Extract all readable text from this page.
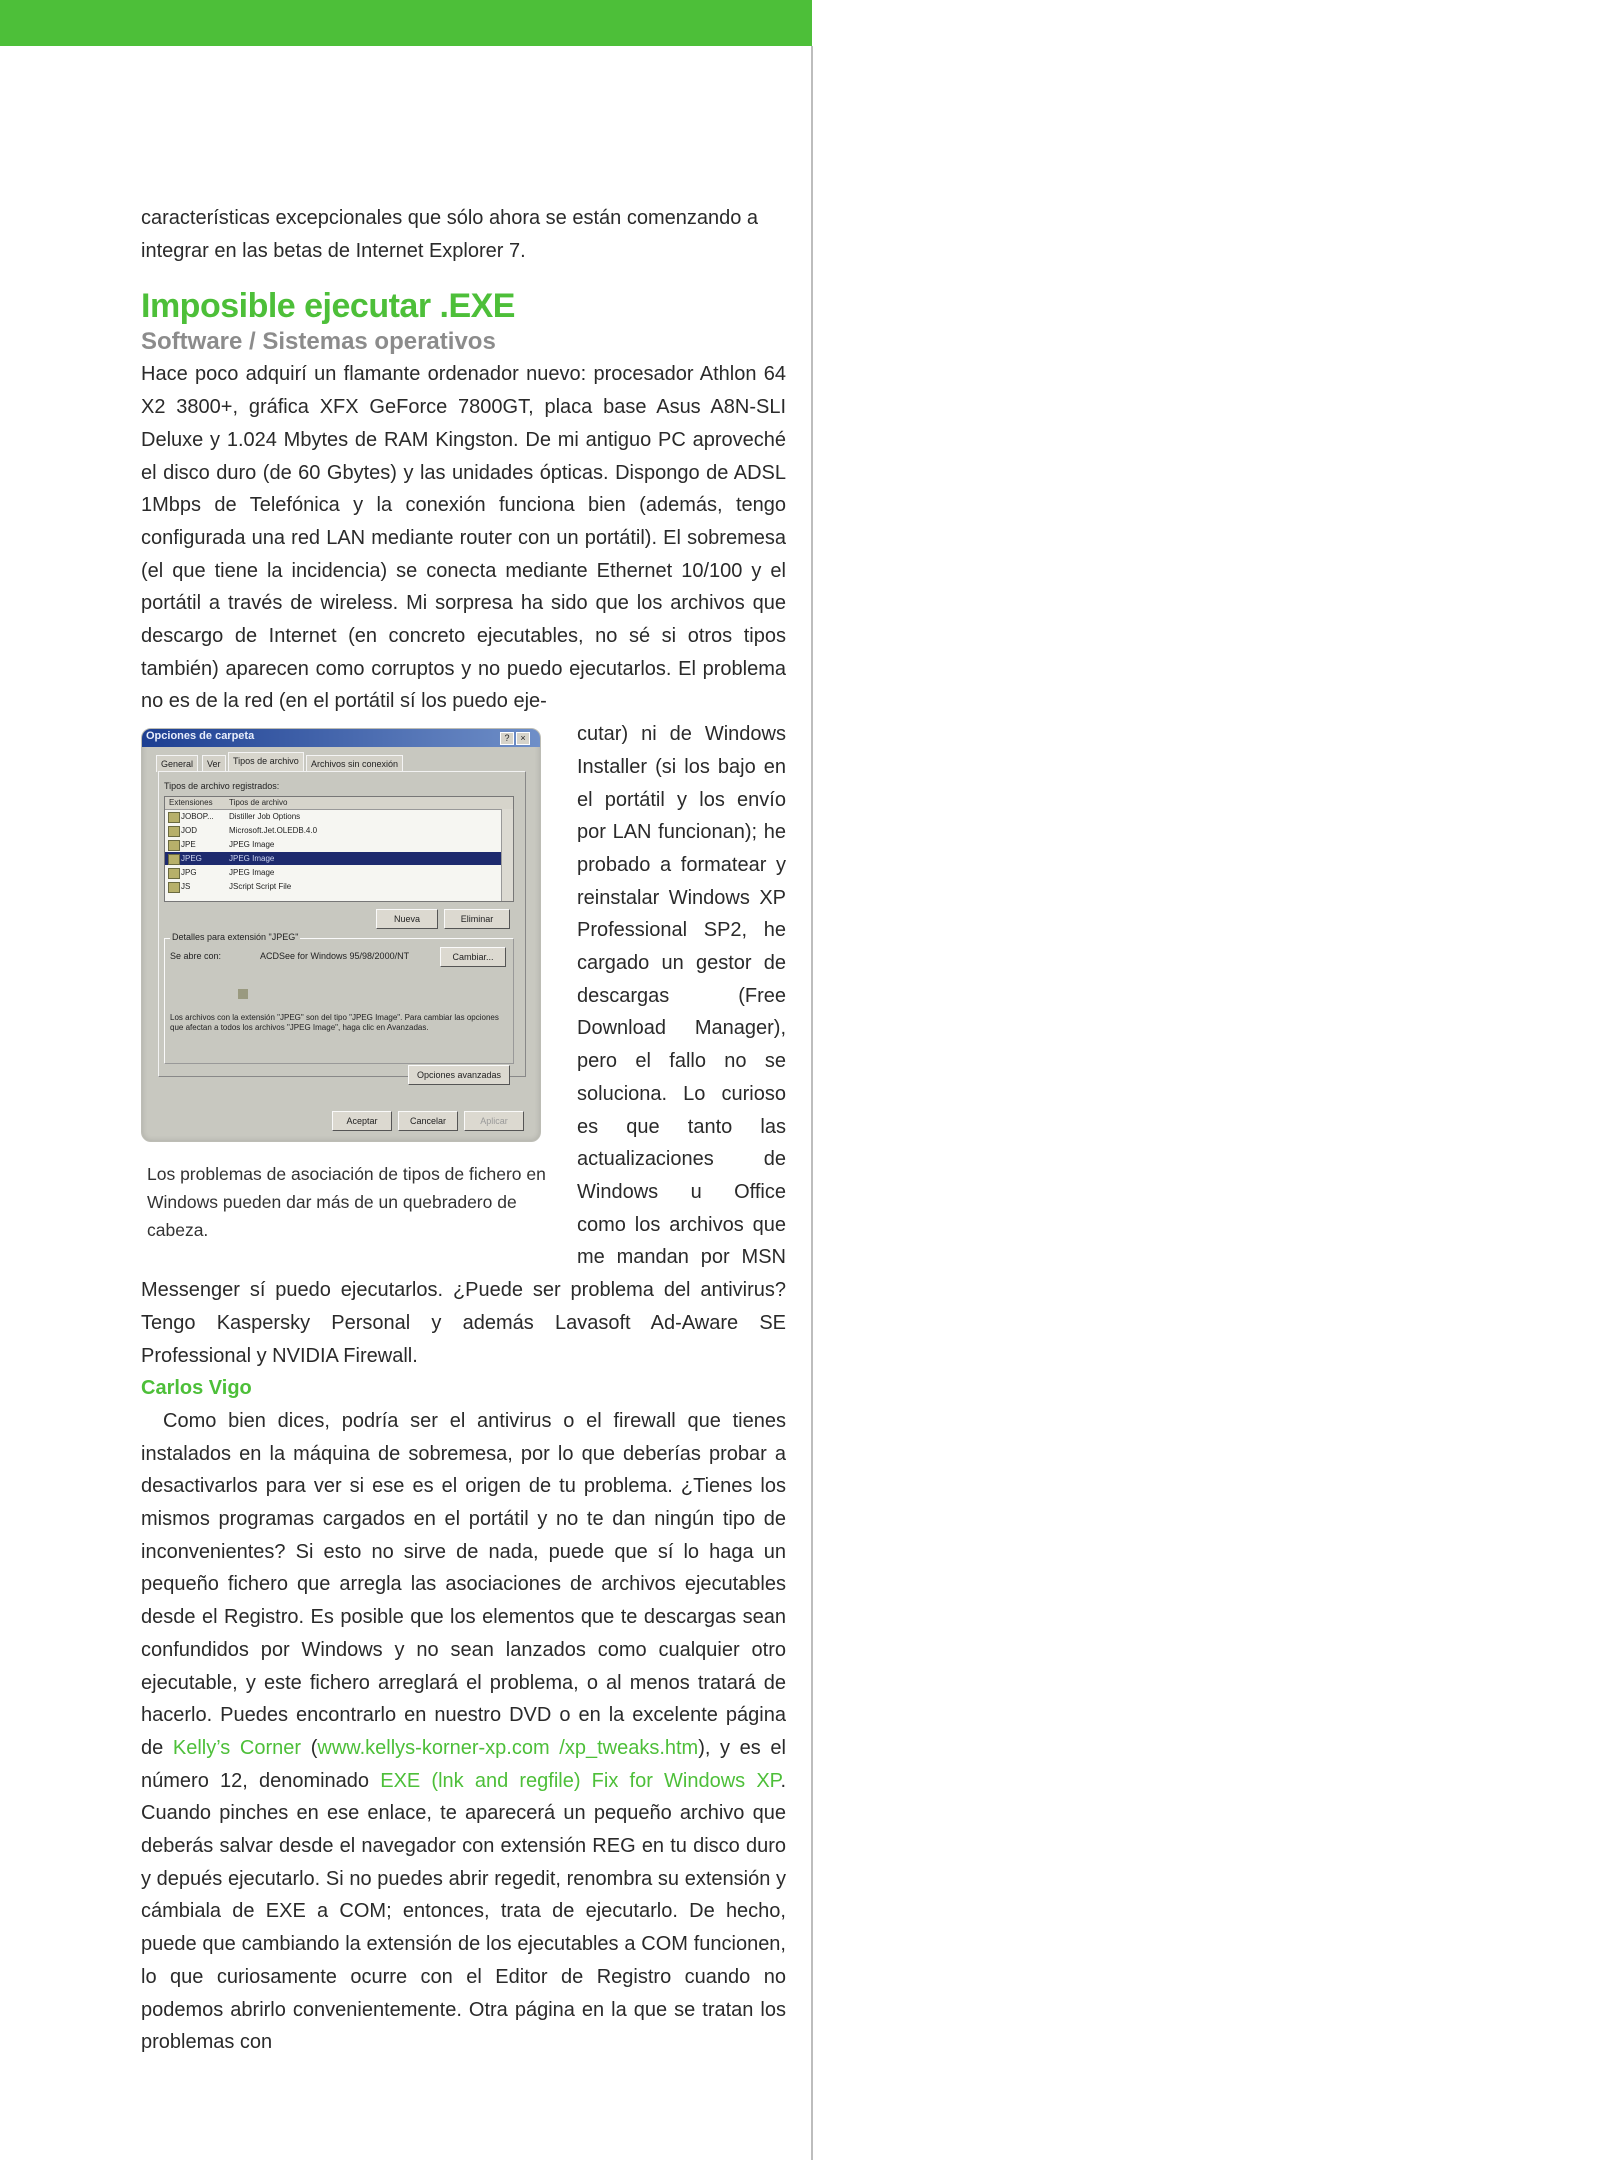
características excepcionales que sólo ahora se están comenzando a integrar en las betas de Internet Explorer 7.

Imposible ejecutar .EXE
Software / Sistemas operativos

Hace poco adquirí un flamante ordenador nuevo: procesador Athlon 64 X2 3800+, gráfica XFX GeForce 7800GT, placa base Asus A8N-SLI Deluxe y 1.024 Mbytes de RAM Kingston. De mi antiguo PC aproveché el disco duro (de 60 Gbytes) y las unidades ópticas. Dispongo de ADSL 1Mbps de Telefónica y la conexión funciona bien (además, tengo configurada una red LAN mediante router con un portátil). El sobremesa (el que tiene la incidencia) se conecta mediante Ethernet 10/100 y el portátil a través de wireless. Mi sorpresa ha sido que los archivos que descargo de Internet (en concreto ejecutables, no sé si otros tipos también) aparecen como corruptos y no puedo ejecutarlos. El problema no es de la red (en el portátil sí los puedo eje-

Opciones de carpeta	?	×
General	Ver	Tipos de archivo	Archivos sin conexión
Tipos de archivo registrados:
Extensiones Tipos de archivo
JOBOP... Distiller Job Options
JOD	Microsoft.Jet.OLEDB.4.0
JPE	JPEG Image
JPEG	JPEG Image
JPG	JPEG Image
JS	JScript Script File
Nueva	Eliminar
Detalles para extensión "JPEG"
Se abre con:	ACDSee for Windows 95/98/2000/NT	Cambiar...
Los archivos con la extensión "JPEG" son del tipo "JPEG Image". Para cambiar las opciones que afectan a todos los archivos "JPEG Image", haga clic en Avanzadas.
Opciones avanzadas
Aceptar	Cancelar	Aplicar
Los problemas de asociación de tipos de fichero en Windows pueden dar más de un quebradero de cabeza.

cutar) ni de Windows Installer (si los bajo en el portátil y los envío por LAN funcionan); he probado a formatear y reinstalar Windows XP Professional SP2, he cargado un gestor de descargas (Free Download Manager), pero el fallo no se soluciona. Lo curioso es que tanto las actualizaciones de Windows u Office como los archivos que me mandan por MSN Messenger sí puedo ejecutarlos. ¿Puede ser problema del antivirus? Tengo Kaspersky Personal y además Lavasoft Ad-Aware SE Professional y NVIDIA Firewall.

Carlos Vigo

Como bien dices, podría ser el antivirus o el firewall que tienes instalados en la máquina de sobremesa, por lo que deberías probar a desactivarlos para ver si ese es el origen de tu problema. ¿Tienes los mismos programas cargados en el portátil y no te dan ningún tipo de inconvenientes? Si esto no sirve de nada, puede que sí lo haga un pequeño fichero que arregla las asociaciones de archivos ejecutables desde el Registro. Es posible que los elementos que te descargas sean confundidos por Windows y no sean lanzados como cualquier otro ejecutable, y este fichero arreglará el problema, o al menos tratará de hacerlo. Puedes encontrarlo en nuestro DVD o en la excelente página de Kelly’s Corner (www.kellys-korner-xp.com /xp_tweaks.htm), y es el número 12, denominado EXE (lnk and regfile) Fix for Windows XP. Cuando pinches en ese enlace, te aparecerá un pequeño archivo que deberás salvar desde el navegador con extensión REG en tu disco duro y depués ejecutarlo. Si no puedes abrir regedit, renombra su extensión y cámbiala de EXE a COM; entonces, trata de ejecutarlo. De hecho, puede que cambiando la extensión de los ejecutables a COM funcionen, lo que curiosamente ocurre con el Editor de Registro cuando no podemos abrirlo convenientemente. Otra página en la que se tratan los problemas con
